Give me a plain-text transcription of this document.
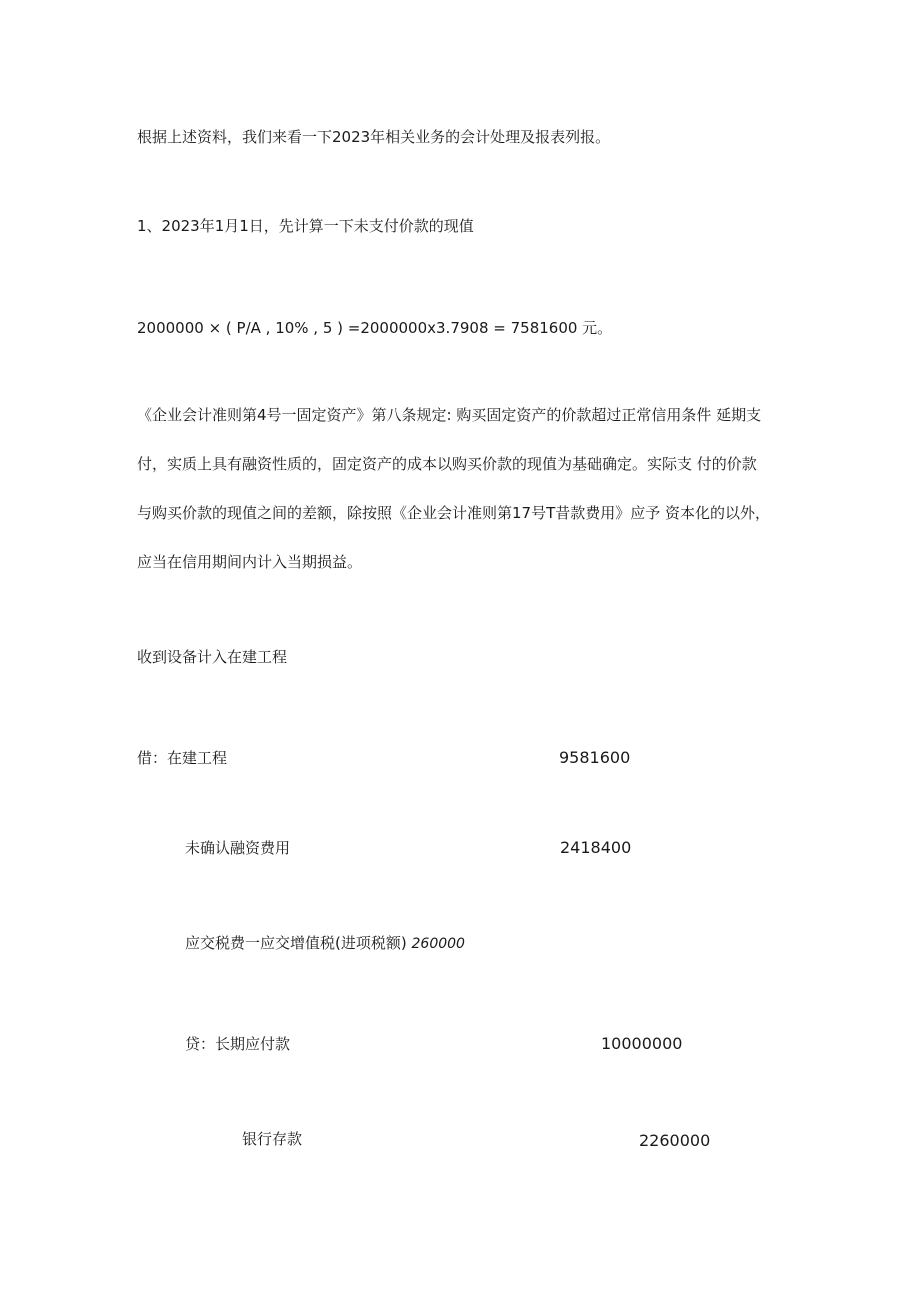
根据上述资料，我们来看一下2023年相关业务的会计处理及报表列报。
1、2023年1月1日，先计算一下未支付价款的现值
2000000 × ( P/A , 10% , 5 ) =2000000x3.7908 = 7581600 元。
《企业会计准则第4号一固定资产》第八条规定: 购买固定资产的价款超过正常信用条件 延期支
付，实质上具有融资性质的，固定资产的成本以购买价款的现值为基础确定。实际支 付的价款
与购买价款的现值之间的差额，除按照《企业会计准则第17号T昔款费用》应予 资本化的以外，
应当在信用期间内计入当期损益。
收到设备计入在建工程
借：在建工程	9581600
未确认融资费用	2418400
应交税费一应交增值税(进项税额) 260000
贷：长期应付款	10000000
银行存款	2260000
